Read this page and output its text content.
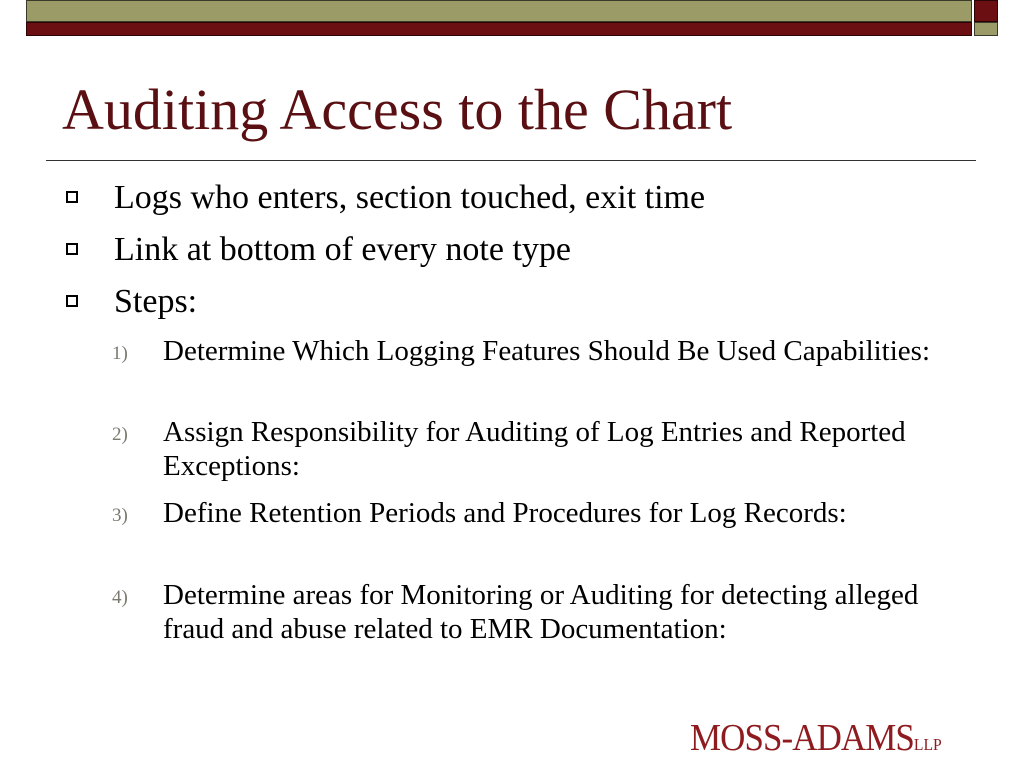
Auditing Access to the Chart
Logs who enters, section touched, exit time
Link at bottom of every note type
Steps:
1) Determine Which Logging Features Should Be Used Capabilities:
2) Assign Responsibility for Auditing of Log Entries and Reported Exceptions:
3) Define Retention Periods and Procedures for Log Records:
4) Determine areas for Monitoring or Auditing for detecting alleged fraud and abuse related to EMR Documentation:
MOSS-ADAMSLLP
